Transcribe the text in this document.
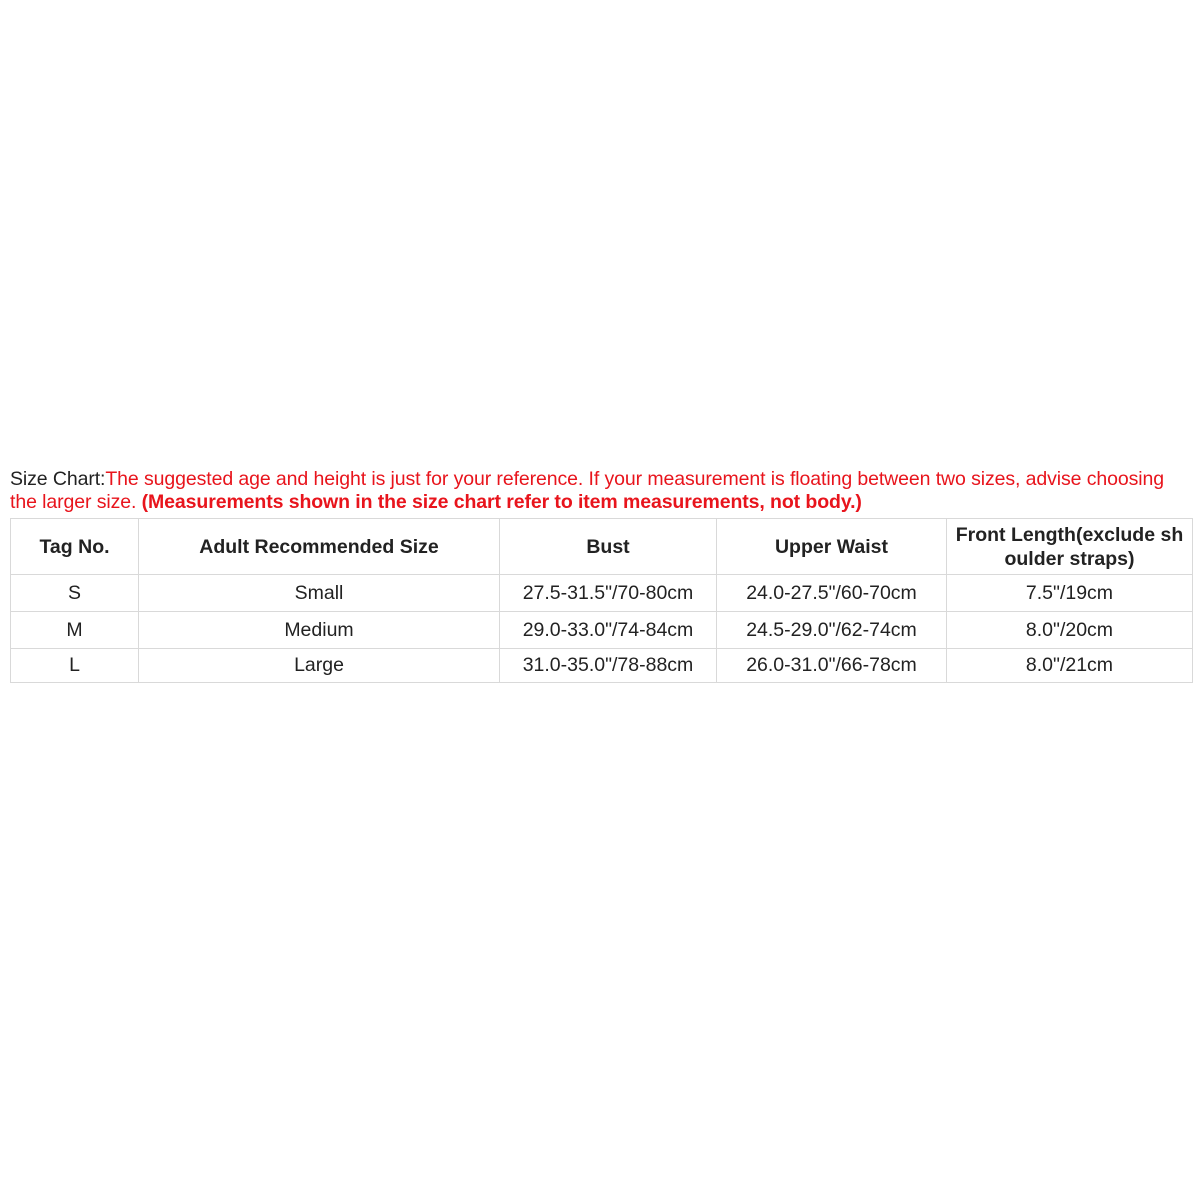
Size Chart:The suggested age and height is just for your reference. If your measurement is floating between two sizes, advise choosing the larger size. (Measurements shown in the size chart refer to item measurements, not body.)

Tag No.	Adult Recommended Size	Bust	Upper Waist	Front Length(exclude sh
oulder straps)
S	Small	27.5-31.5"/70-80cm	24.0-27.5"/60-70cm	7.5"/19cm
M	Medium	29.0-33.0"/74-84cm	24.5-29.0"/62-74cm	8.0"/20cm
L	Large	31.0-35.0"/78-88cm	26.0-31.0"/66-78cm	8.0"/21cm
